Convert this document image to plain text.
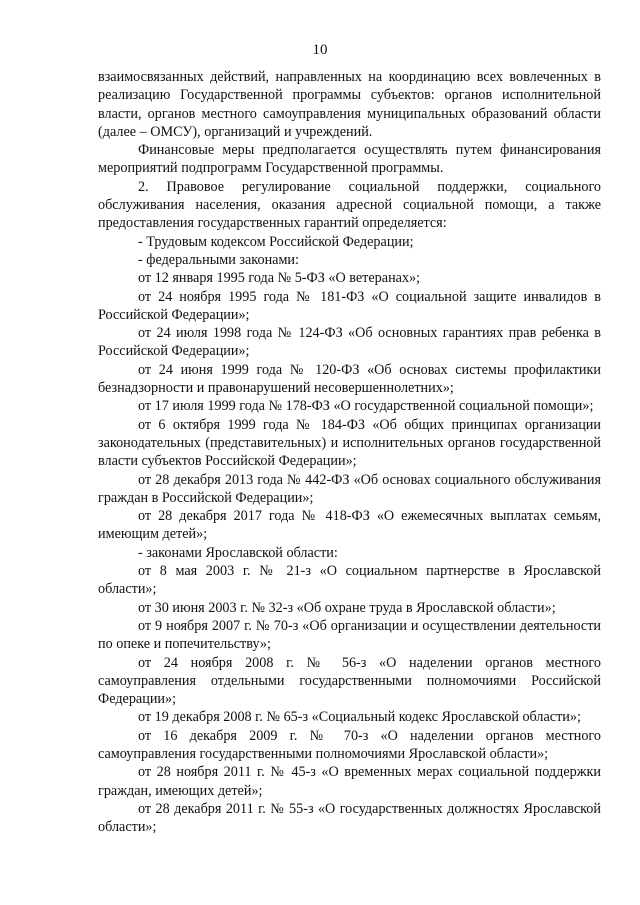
10

взаимосвязанных действий, направленных на координацию всех вовлеченных в реализацию Государственной программы субъектов: органов исполнительной власти, органов местного самоуправления муниципальных образований области (далее – ОМСУ), организаций и учреждений.

Финансовые меры предполагается осуществлять путем финансирования мероприятий подпрограмм Государственной программы.

2. Правовое регулирование социальной поддержки, социального обслуживания населения, оказания адресной социальной помощи, а также предоставления государственных гарантий определяется:

- Трудовым кодексом Российской Федерации;

- федеральными законами:

от 12 января 1995 года № 5-ФЗ «О ветеранах»;

от 24 ноября 1995 года № 181-ФЗ «О социальной защите инвалидов в Российской Федерации»;

от 24 июля 1998 года № 124-ФЗ «Об основных гарантиях прав ребенка в Российской Федерации»;

от 24 июня 1999 года № 120-ФЗ «Об основах системы профилактики безнадзорности и правонарушений несовершеннолетних»;

от 17 июля 1999 года № 178-ФЗ «О государственной социальной помощи»;

от 6 октября 1999 года № 184-ФЗ «Об общих принципах организации законодательных (представительных) и исполнительных органов государственной власти субъектов Российской Федерации»;

от 28 декабря 2013 года № 442-ФЗ «Об основах социального обслуживания граждан в Российской Федерации»;

от 28 декабря 2017 года № 418-ФЗ «О ежемесячных выплатах семьям, имеющим детей»;

- законами Ярославской области:

от 8 мая 2003 г. № 21-з «О социальном партнерстве в Ярославской области»;

от 30 июня 2003 г. № 32-з «Об охране труда в Ярославской области»;

от 9 ноября 2007 г. № 70-з «Об организации и осуществлении деятельности по опеке и попечительству»;

от 24 ноября 2008 г. № 56-з «О наделении органов местного самоуправления отдельными государственными полномочиями Российской Федерации»;

от 19 декабря 2008 г. № 65-з «Социальный кодекс Ярославской области»;

от 16 декабря 2009 г. № 70-з «О наделении органов местного самоуправления государственными полномочиями Ярославской области»;

от 28 ноября 2011 г. № 45-з «О временных мерах социальной поддержки граждан, имеющих детей»;

от 28 декабря 2011 г. № 55-з «О государственных должностях Ярославской области»;
